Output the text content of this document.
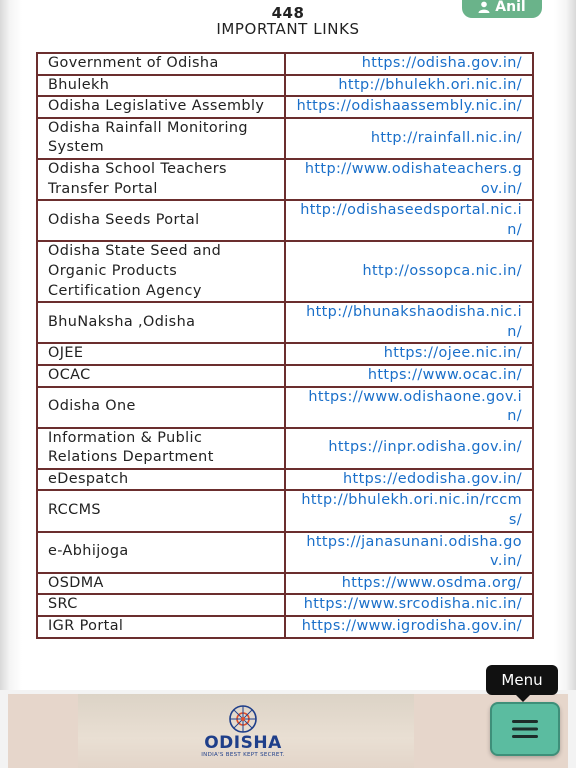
448
IMPORTANT LINKS
Anil
Government of Odisha	https://odisha.gov.in/
Bhulekh	http://bhulekh.ori.nic.in/
Odisha Legislative Assembly	https://odishaassembly.nic.in/
Odisha Rainfall Monitoring System	http://rainfall.nic.in/
Odisha School Teachers Transfer Portal	http://www.odishateachers.gov.in/
Odisha Seeds Portal	http://odishaseedsportal.nic.in/
Odisha State Seed and Organic Products Certification Agency	http://ossopca.nic.in/
BhuNaksha ,Odisha	http://bhunakshaodisha.nic.in/
OJEE	https://ojee.nic.in/
OCAC	https://www.ocac.in/
Odisha One	https://www.odishaone.gov.in/
Information & Public Relations Department	https://inpr.odisha.gov.in/
eDespatch	https://edodisha.gov.in/
RCCMS	http://bhulekh.ori.nic.in/rccms/
e-Abhijoga	https://janasunani.odisha.gov.in/
OSDMA	https://www.osdma.org/
SRC	https://www.srcodisha.nic.in/
IGR Portal	https://www.igrodisha.gov.in/
ODISHA
INDIA'S BEST KEPT SECRET.
Menu
